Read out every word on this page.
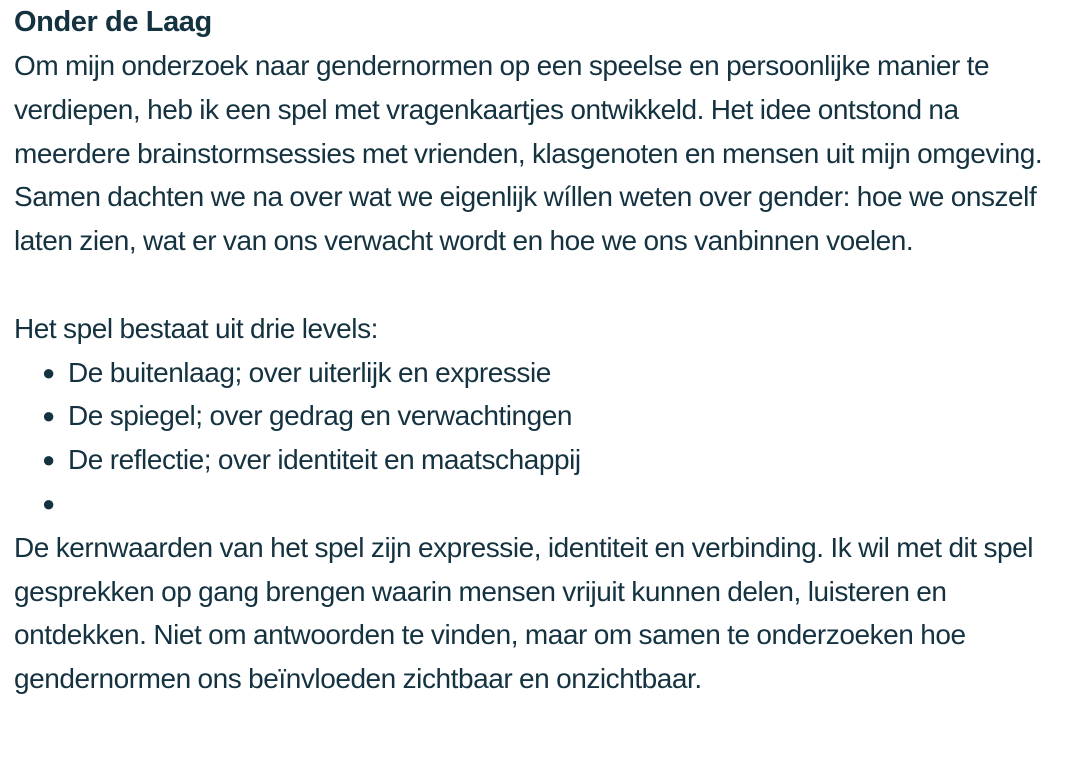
Onder de Laag

Om mijn onderzoek naar gendernormen op een speelse en persoonlijke manier te verdiepen, heb ik een spel met vragenkaartjes ontwikkeld. Het idee ontstond na meerdere brainstormsessies met vrienden, klasgenoten en mensen uit mijn omgeving. Samen dachten we na over wat we eigenlijk wíllen weten over gender: hoe we onszelf laten zien, wat er van ons verwacht wordt en hoe we ons vanbinnen voelen.

Het spel bestaat uit drie levels:

● De buitenlaag; over uiterlijk en expressie
● De spiegel; over gedrag en verwachtingen
● De reflectie; over identiteit en maatschappij
●

De kernwaarden van het spel zijn expressie, identiteit en verbinding. Ik wil met dit spel gesprekken op gang brengen waarin mensen vrijuit kunnen delen, luisteren en ontdekken. Niet om antwoorden te vinden, maar om samen te onderzoeken hoe gendernormen ons beïnvloeden zichtbaar en onzichtbaar.
